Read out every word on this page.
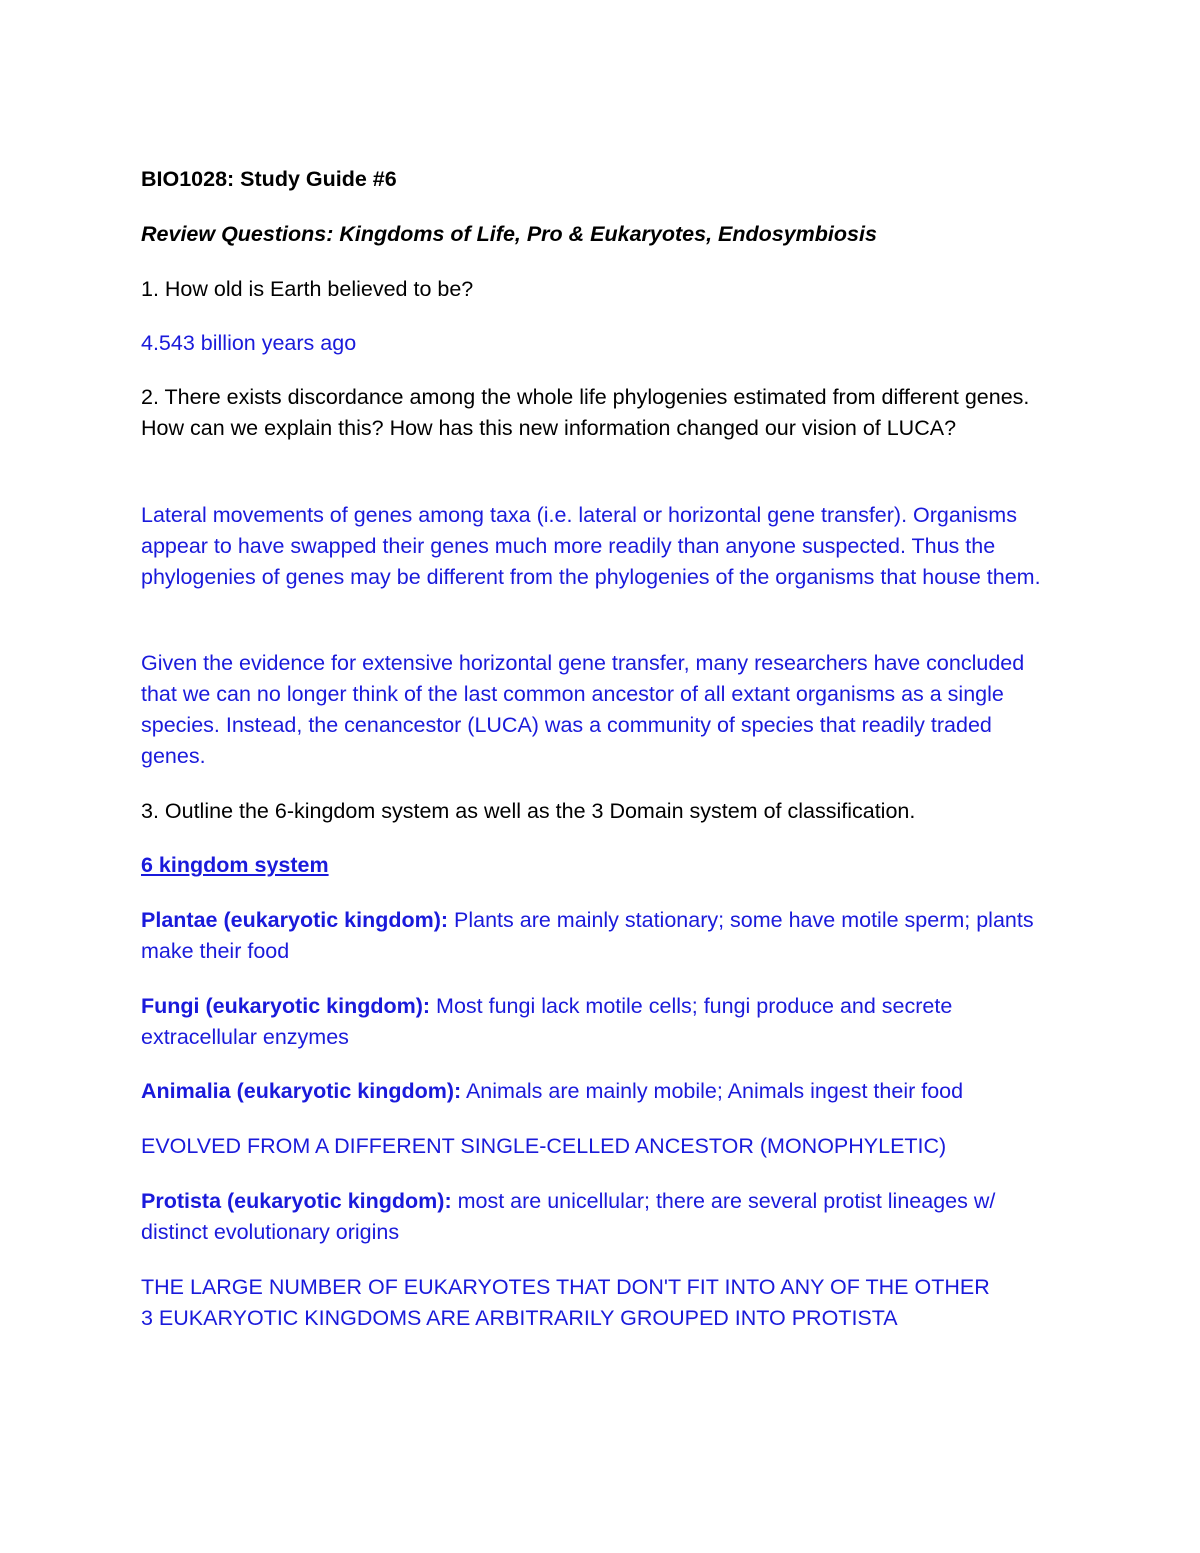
BIO1028: Study Guide #6

Review Questions: Kingdoms of Life, Pro & Eukaryotes, Endosymbiosis

1. How old is Earth believed to be?

4.543 billion years ago

2. There exists discordance among the whole life phylogenies estimated from different genes. How can we explain this? How has this new information changed our vision of LUCA?

Lateral movements of genes among taxa (i.e. lateral or horizontal gene transfer). Organisms appear to have swapped their genes much more readily than anyone suspected. Thus the phylogenies of genes may be different from the phylogenies of the organisms that house them.

Given the evidence for extensive horizontal gene transfer, many researchers have concluded that we can no longer think of the last common ancestor of all extant organisms as a single species. Instead, the cenancestor (LUCA) was a community of species that readily traded genes.

3. Outline the 6-kingdom system as well as the 3 Domain system of classification.

6 kingdom system

Plantae (eukaryotic kingdom): Plants are mainly stationary; some have motile sperm; plants make their food

Fungi (eukaryotic kingdom): Most fungi lack motile cells; fungi produce and secrete extracellular enzymes

Animalia (eukaryotic kingdom): Animals are mainly mobile; Animals ingest their food

EVOLVED FROM A DIFFERENT SINGLE-CELLED ANCESTOR (MONOPHYLETIC)

Protista (eukaryotic kingdom): most are unicellular; there are several protist lineages w/ distinct evolutionary origins

THE LARGE NUMBER OF EUKARYOTES THAT DON'T FIT INTO ANY OF THE OTHER 3 EUKARYOTIC KINGDOMS ARE ARBITRARILY GROUPED INTO PROTISTA
